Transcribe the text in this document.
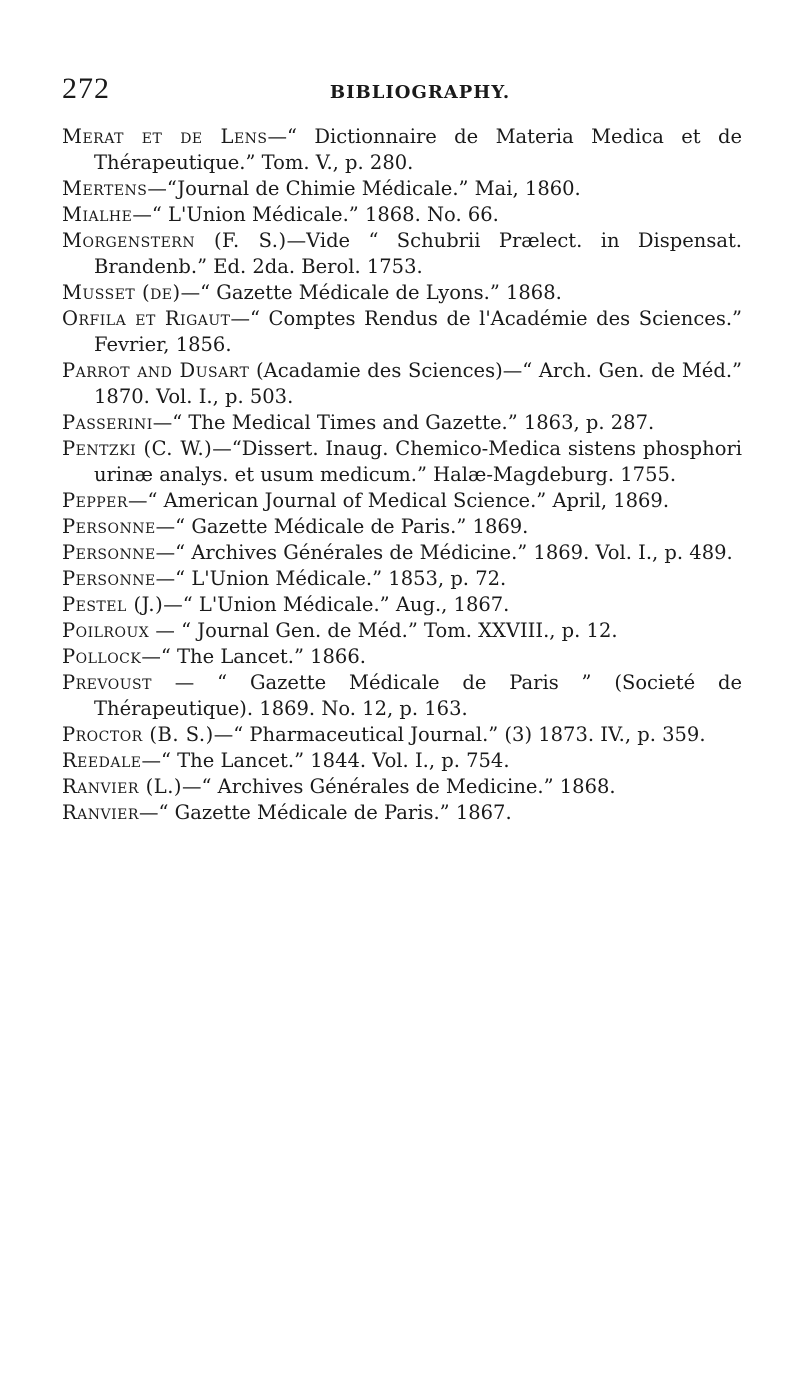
272	BIBLIOGRAPHY.

Merat et de Lens—“ Dictionnaire de Materia Medica et de Thérapeutique.” Tom. V., p. 280.

Mertens—“Journal de Chimie Médicale.” Mai, 1860.

Mialhe—“ L'Union Médicale.” 1868. No. 66.

Morgenstern (F. S.)—Vide “ Schubrii Prælect. in Dispensat. Brandenb.” Ed. 2da. Berol. 1753.

Musset (de)—“ Gazette Médicale de Lyons.” 1868.

Orfila et Rigaut—“ Comptes Rendus de l'Académie des Sciences.” Fevrier, 1856.

Parrot and Dusart (Acadamie des Sciences)—“ Arch. Gen. de Méd.” 1870. Vol. I., p. 503.

Passerini—“ The Medical Times and Gazette.” 1863, p. 287.

Pentzki (C. W.)—“Dissert. Inaug. Chemico-Medica sistens phosphori urinæ analys. et usum medicum.” Halæ-Magdeburg. 1755.

Pepper—“ American Journal of Medical Science.” April, 1869.

Personne—“ Gazette Médicale de Paris.” 1869.

Personne—“ Archives Générales de Médicine.” 1869. Vol. I., p. 489.

Personne—“ L'Union Médicale.” 1853, p. 72.

Pestel (J.)—“ L'Union Médicale.” Aug., 1867.

Poilroux — “ Journal Gen. de Méd.” Tom. XXVIII., p. 12.

Pollock—“ The Lancet.” 1866.

Prevoust — “ Gazette Médicale de Paris ” (Societé de Thérapeutique). 1869. No. 12, p. 163.

Proctor (B. S.)—“ Pharmaceutical Journal.” (3) 1873. IV., p. 359.

Reedale—“ The Lancet.” 1844. Vol. I., p. 754.

Ranvier (L.)—“ Archives Générales de Medicine.” 1868.

Ranvier—“ Gazette Médicale de Paris.” 1867.
